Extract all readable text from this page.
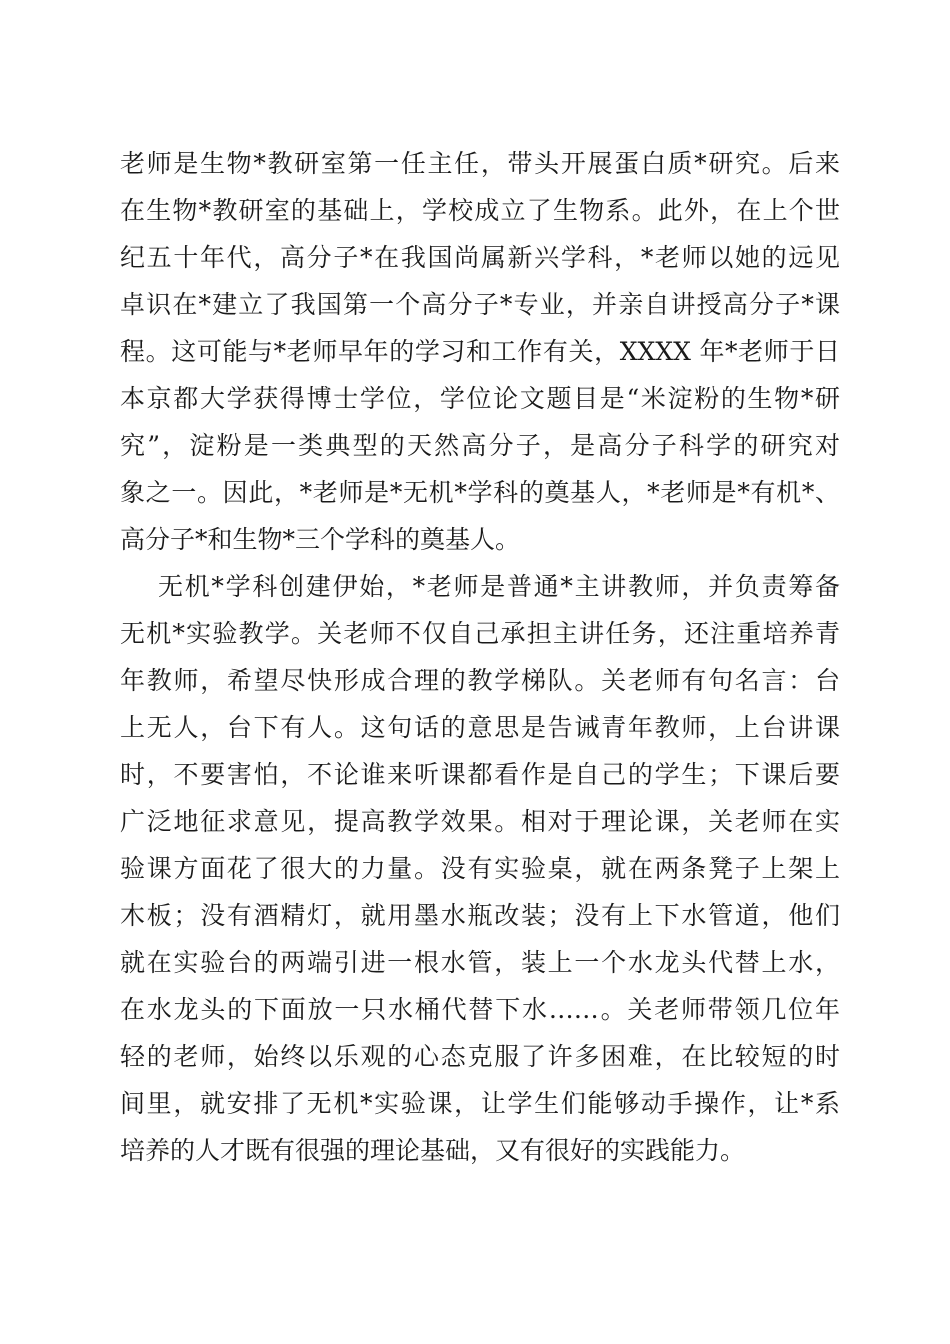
老师是生物*教研室第一任主任，带头开展蛋白质*研究。后来
在生物*教研室的基础上，学校成立了生物系。此外，在上个世
纪五十年代，高分子*在我国尚属新兴学科，*老师以她的远见
卓识在*建立了我国第一个高分子*专业，并亲自讲授高分子*课
程。这可能与*老师早年的学习和工作有关，XXXX 年*老师于日
本京都大学获得博士学位，学位论文题目是“米淀粉的生物*研
究”，淀粉是一类典型的天然高分子，是高分子科学的研究对
象之一。因此，*老师是*无机*学科的奠基人，*老师是*有机*、
高分子*和生物*三个学科的奠基人。
无机*学科创建伊始，*老师是普通*主讲教师，并负责筹备
无机*实验教学。关老师不仅自己承担主讲任务，还注重培养青
年教师，希望尽快形成合理的教学梯队。关老师有句名言：台
上无人，台下有人。这句话的意思是告诫青年教师，上台讲课
时，不要害怕，不论谁来听课都看作是自己的学生；下课后要
广泛地征求意见，提高教学效果。相对于理论课，关老师在实
验课方面花了很大的力量。没有实验桌，就在两条凳子上架上
木板；没有酒精灯，就用墨水瓶改装；没有上下水管道，他们
就在实验台的两端引进一根水管，装上一个水龙头代替上水，
在水龙头的下面放一只水桶代替下水……。关老师带领几位年
轻的老师，始终以乐观的心态克服了许多困难，在比较短的时
间里，就安排了无机*实验课，让学生们能够动手操作，让*系
培养的人才既有很强的理论基础，又有很好的实践能力。
